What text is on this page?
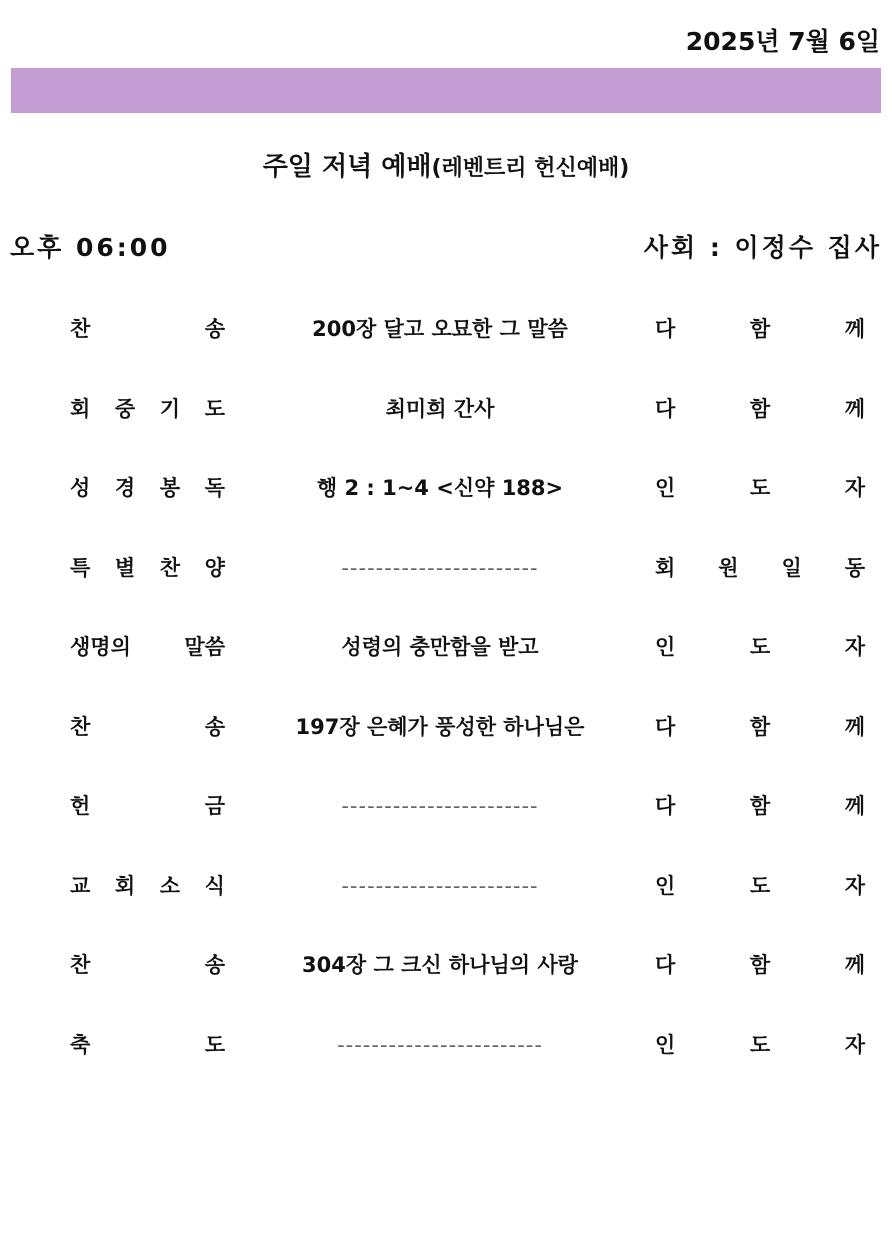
2025년 7월 6일
주일 저녁 예배(레벤트리 헌신예배)
오후 06:00	사회 : 이정수 집사
찬	송	200장 달고 오묘한 그 말씀	다	함	께
회 중 기 도	최미희 간사	다	함	께
성 경 봉 독	행 2 : 1~4 <신약 188>	인	도	자
특 별 찬 양	-----------------------	회 원 일 동
생명의	말씀	성령의 충만함을 받고	인	도	자
찬	송	197장 은혜가 풍성한 하나님은	다	함	께
헌	금	-----------------------	다	함	께
교 회 소 식	-----------------------	인	도	자
찬	송	304장 그 크신 하나님의 사랑	다	함	께
축	도	------------------------	인	도	자
